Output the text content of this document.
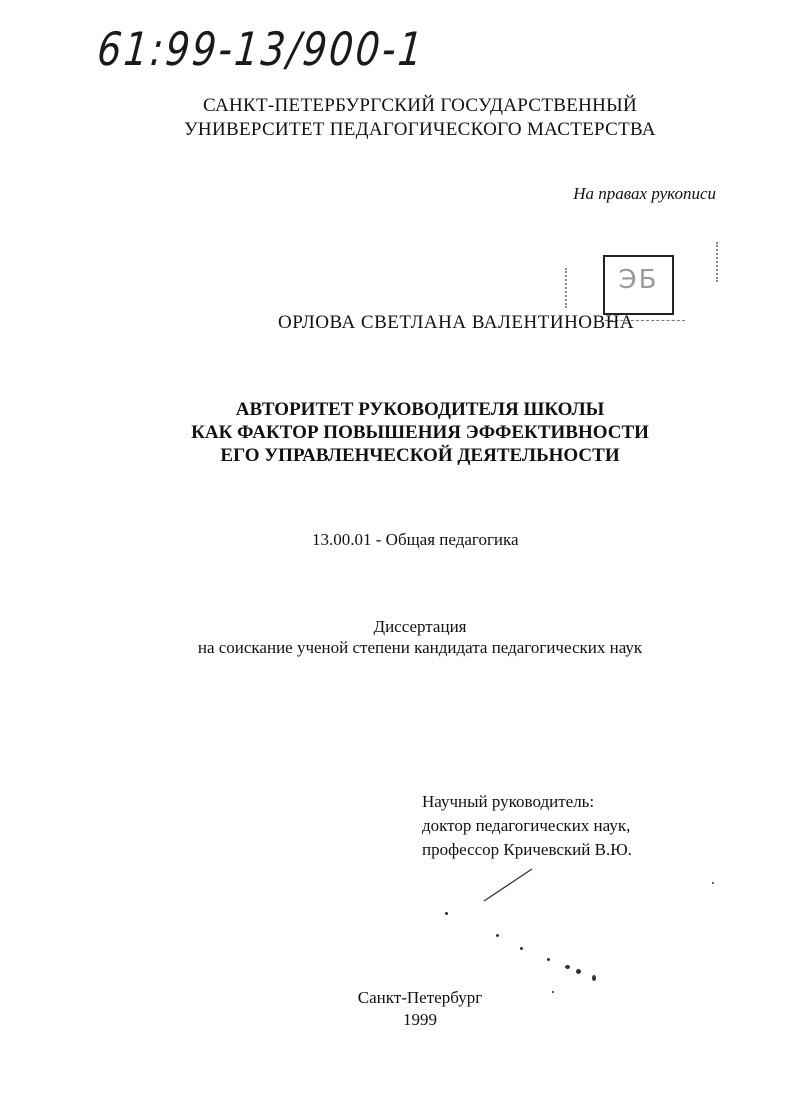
61:99-13/900-1
САНКТ-ПЕТЕРБУРГСКИЙ ГОСУДАРСТВЕННЫЙ
УНИВЕРСИТЕТ ПЕДАГОГИЧЕСКОГО МАСТЕРСТВА
На правах рукописи
ЭБ
ОРЛОВА СВЕТЛАНА ВАЛЕНТИНОВНА
АВТОРИТЕТ РУКОВОДИТЕЛЯ ШКОЛЫ
КАК ФАКТОР ПОВЫШЕНИЯ ЭФФЕКТИВНОСТИ
ЕГО УПРАВЛЕНЧЕСКОЙ ДЕЯТЕЛЬНОСТИ
13.00.01 - Общая педагогика
Диссертация
на соискание ученой степени кандидата педагогических наук
Научный руководитель:
доктор педагогических наук,
профессор Кричевский В.Ю.
Санкт-Петербург
1999
